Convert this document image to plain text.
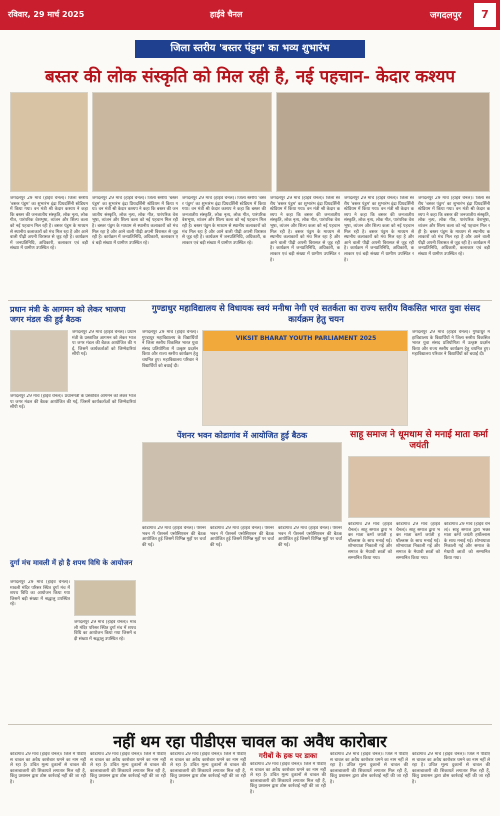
रविवार, 29 मार्च 2025	हाईवे चैनल	जगदलपुर	7
जिला स्तरीय 'बस्तर पंडुम' का भव्य शुभारंभ
बस्तर की लोक संस्कृति को मिल रही है, नई पहचान- केदार कश्यप
जगदलपुर 29 मार्च (हाईवे चैनल)। जिला स्तरीय 'बस्तर पंडुम' का शुभारंभ इंद्रा प्रियदर्शिनी स्टेडियम में किया गया। वन मंत्री श्री केदार कश्यप ने कहा कि बस्तर की जनजातीय संस्कृति, लोक नृत्य, लोक गीत, पारंपरिक वेशभूषा, व्यंजन और शिल्प कला को नई पहचान मिल रही है। बस्तर पंडुम के माध्यम से स्थानीय कलाकारों को मंच मिल रहा है और आने वाली पीढ़ी अपनी विरासत से जुड़ रही है। कार्यक्रम में जनप्रतिनिधि, अधिकारी, कलाकार एवं बड़ी संख्या में ग्रामीण उपस्थित रहे।
जगदलपुर 29 मार्च (हाईवे चैनल)। जिला स्तरीय 'बस्तर पंडुम' का शुभारंभ इंद्रा प्रियदर्शिनी स्टेडियम में किया गया। वन मंत्री श्री केदार कश्यप ने कहा कि बस्तर की जनजातीय संस्कृति, लोक नृत्य, लोक गीत, पारंपरिक वेशभूषा, व्यंजन और शिल्प कला को नई पहचान मिल रही है। बस्तर पंडुम के माध्यम से स्थानीय कलाकारों को मंच मिल रहा है और आने वाली पीढ़ी अपनी विरासत से जुड़ रही है। कार्यक्रम में जनप्रतिनिधि, अधिकारी, कलाकार एवं बड़ी संख्या में ग्रामीण उपस्थित रहे।
जगदलपुर 29 मार्च (हाईवे चैनल)। जिला स्तरीय 'बस्तर पंडुम' का शुभारंभ इंद्रा प्रियदर्शिनी स्टेडियम में किया गया। वन मंत्री श्री केदार कश्यप ने कहा कि बस्तर की जनजातीय संस्कृति, लोक नृत्य, लोक गीत, पारंपरिक वेशभूषा, व्यंजन और शिल्प कला को नई पहचान मिल रही है। बस्तर पंडुम के माध्यम से स्थानीय कलाकारों को मंच मिल रहा है और आने वाली पीढ़ी अपनी विरासत से जुड़ रही है। कार्यक्रम में जनप्रतिनिधि, अधिकारी, कलाकार एवं बड़ी संख्या में ग्रामीण उपस्थित रहे।
जगदलपुर 29 मार्च (हाईवे चैनल)। जिला स्तरीय 'बस्तर पंडुम' का शुभारंभ इंद्रा प्रियदर्शिनी स्टेडियम में किया गया। वन मंत्री श्री केदार कश्यप ने कहा कि बस्तर की जनजातीय संस्कृति, लोक नृत्य, लोक गीत, पारंपरिक वेशभूषा, व्यंजन और शिल्प कला को नई पहचान मिल रही है। बस्तर पंडुम के माध्यम से स्थानीय कलाकारों को मंच मिल रहा है और आने वाली पीढ़ी अपनी विरासत से जुड़ रही है। कार्यक्रम में जनप्रतिनिधि, अधिकारी, कलाकार एवं बड़ी संख्या में ग्रामीण उपस्थित रहे।
जगदलपुर 29 मार्च (हाईवे चैनल)। जिला स्तरीय 'बस्तर पंडुम' का शुभारंभ इंद्रा प्रियदर्शिनी स्टेडियम में किया गया। वन मंत्री श्री केदार कश्यप ने कहा कि बस्तर की जनजातीय संस्कृति, लोक नृत्य, लोक गीत, पारंपरिक वेशभूषा, व्यंजन और शिल्प कला को नई पहचान मिल रही है। बस्तर पंडुम के माध्यम से स्थानीय कलाकारों को मंच मिल रहा है और आने वाली पीढ़ी अपनी विरासत से जुड़ रही है। कार्यक्रम में जनप्रतिनिधि, अधिकारी, कलाकार एवं बड़ी संख्या में ग्रामीण उपस्थित रहे।
जगदलपुर 29 मार्च (हाईवे चैनल)। जिला स्तरीय 'बस्तर पंडुम' का शुभारंभ इंद्रा प्रियदर्शिनी स्टेडियम में किया गया। वन मंत्री श्री केदार कश्यप ने कहा कि बस्तर की जनजातीय संस्कृति, लोक नृत्य, लोक गीत, पारंपरिक वेशभूषा, व्यंजन और शिल्प कला को नई पहचान मिल रही है। बस्तर पंडुम के माध्यम से स्थानीय कलाकारों को मंच मिल रहा है और आने वाली पीढ़ी अपनी विरासत से जुड़ रही है। कार्यक्रम में जनप्रतिनिधि, अधिकारी, कलाकार एवं बड़ी संख्या में ग्रामीण उपस्थित रहे।
प्रधान मंत्री के आगमन को लेकर भाजपा जगर मंडल की हुई बैठक
जगदलपुर 29 मार्च (हाईवे चैनल)। प्रधानमंत्री के प्रस्तावित आगमन को लेकर भाजपा जगर मंडल की बैठक आयोजित की गई, जिसमें कार्यकर्ताओं को जिम्मेदारियां सौंपी गईं।
जगदलपुर 29 मार्च (हाईवे चैनल)। प्रधानमंत्री के प्रस्तावित आगमन को लेकर भाजपा जगर मंडल की बैठक आयोजित की गई, जिसमें कार्यकर्ताओं को जिम्मेदारियां सौंपी गईं।
दुर्गा मंच मावली में हो है शपथ विधि के आयोजन
जगदलपुर 29 मार्च (हाईवे चैनल)। मावली मंदिर परिसर स्थित दुर्गा मंच में शपथ विधि का आयोजन किया गया जिसमें बड़ी संख्या में श्रद्धालु उपस्थित रहे।
जगदलपुर 29 मार्च (हाईवे चैनल)। मावली मंदिर परिसर स्थित दुर्गा मंच में शपथ विधि का आयोजन किया गया जिसमें बड़ी संख्या में श्रद्धालु उपस्थित रहे।
गुण्डाधुर महाविद्यालय से विधायक स्वयं मनीषा नेगी एवं सतर्कता का राज्य स्तरीय विकसित भारत युवा संसद कार्यक्रम हेतु चयन
जगदलपुर 29 मार्च (हाईवे चैनल)। गुण्डाधुर महाविद्यालय के विद्यार्थियों ने जिला स्तरीय विकसित भारत युवा संसद प्रतियोगिता में उत्कृष्ट प्रदर्शन किया और राज्य स्तरीय कार्यक्रम हेतु चयनित हुए। महाविद्यालय परिवार ने विद्यार्थियों को बधाई दी।
VIKSIT BHARAT YOUTH PARLIAMENT 2025
जगदलपुर 29 मार्च (हाईवे चैनल)। गुण्डाधुर महाविद्यालय के विद्यार्थियों ने जिला स्तरीय विकसित भारत युवा संसद प्रतियोगिता में उत्कृष्ट प्रदर्शन किया और राज्य स्तरीय कार्यक्रम हेतु चयनित हुए। महाविद्यालय परिवार ने विद्यार्थियों को बधाई दी।
पेंशनर भवन कोडागांव में आयोजित हुई बैठक
कोंडागांव 29 मार्च (हाईवे चैनल)। पेंशनर भवन में पेंशनर्स एसोसिएशन की बैठक आयोजित हुई जिसमें विभिन्न मुद्दों पर चर्चा की गई।
कोंडागांव 29 मार्च (हाईवे चैनल)। पेंशनर भवन में पेंशनर्स एसोसिएशन की बैठक आयोजित हुई जिसमें विभिन्न मुद्दों पर चर्चा की गई।
कोंडागांव 29 मार्च (हाईवे चैनल)। पेंशनर भवन में पेंशनर्स एसोसिएशन की बैठक आयोजित हुई जिसमें विभिन्न मुद्दों पर चर्चा की गई।
साहू समाज ने धूमधाम से मनाई माता कर्मा जयंती
कोंडागांव 29 मार्च (हाईवे चैनल)। साहू समाज द्वारा भक्त माता कर्मा जयंती हर्षोल्लास के साथ मनाई गई। शोभायात्रा निकाली गई और समाज के मेधावी छात्रों को सम्मानित किया गया।
कोंडागांव 29 मार्च (हाईवे चैनल)। साहू समाज द्वारा भक्त माता कर्मा जयंती हर्षोल्लास के साथ मनाई गई। शोभायात्रा निकाली गई और समाज के मेधावी छात्रों को सम्मानित किया गया।
कोंडागांव 29 मार्च (हाईवे चैनल)। साहू समाज द्वारा भक्त माता कर्मा जयंती हर्षोल्लास के साथ मनाई गई। शोभायात्रा निकाली गई और समाज के मेधावी छात्रों को सम्मानित किया गया।
नहीं थम रहा पीडीएस चावल का अवैध कारोबार
कोंडागांव 29 मार्च (हाईवे चैनल)। जिले में पीडीएस चावल का अवैध कारोबार थमने का नाम नहीं ले रहा है। उचित मूल्य दुकानों से चावल की कालाबाजारी की शिकायतें लगातार मिल रही हैं, किंतु प्रशासन द्वारा ठोस कार्रवाई नहीं की जा रही है।
कोंडागांव 29 मार्च (हाईवे चैनल)। जिले में पीडीएस चावल का अवैध कारोबार थमने का नाम नहीं ले रहा है। उचित मूल्य दुकानों से चावल की कालाबाजारी की शिकायतें लगातार मिल रही हैं, किंतु प्रशासन द्वारा ठोस कार्रवाई नहीं की जा रही है।
कोंडागांव 29 मार्च (हाईवे चैनल)। जिले में पीडीएस चावल का अवैध कारोबार थमने का नाम नहीं ले रहा है। उचित मूल्य दुकानों से चावल की कालाबाजारी की शिकायतें लगातार मिल रही हैं, किंतु प्रशासन द्वारा ठोस कार्रवाई नहीं की जा रही है।
गरीबों के हक पर डाका
कोंडागांव 29 मार्च (हाईवे चैनल)। जिले में पीडीएस चावल का अवैध कारोबार थमने का नाम नहीं ले रहा है। उचित मूल्य दुकानों से चावल की कालाबाजारी की शिकायतें लगातार मिल रही हैं, किंतु प्रशासन द्वारा ठोस कार्रवाई नहीं की जा रही है।
कोंडागांव 29 मार्च (हाईवे चैनल)। जिले में पीडीएस चावल का अवैध कारोबार थमने का नाम नहीं ले रहा है। उचित मूल्य दुकानों से चावल की कालाबाजारी की शिकायतें लगातार मिल रही हैं, किंतु प्रशासन द्वारा ठोस कार्रवाई नहीं की जा रही है।
कोंडागांव 29 मार्च (हाईवे चैनल)। जिले में पीडीएस चावल का अवैध कारोबार थमने का नाम नहीं ले रहा है। उचित मूल्य दुकानों से चावल की कालाबाजारी की शिकायतें लगातार मिल रही हैं, किंतु प्रशासन द्वारा ठोस कार्रवाई नहीं की जा रही है।
